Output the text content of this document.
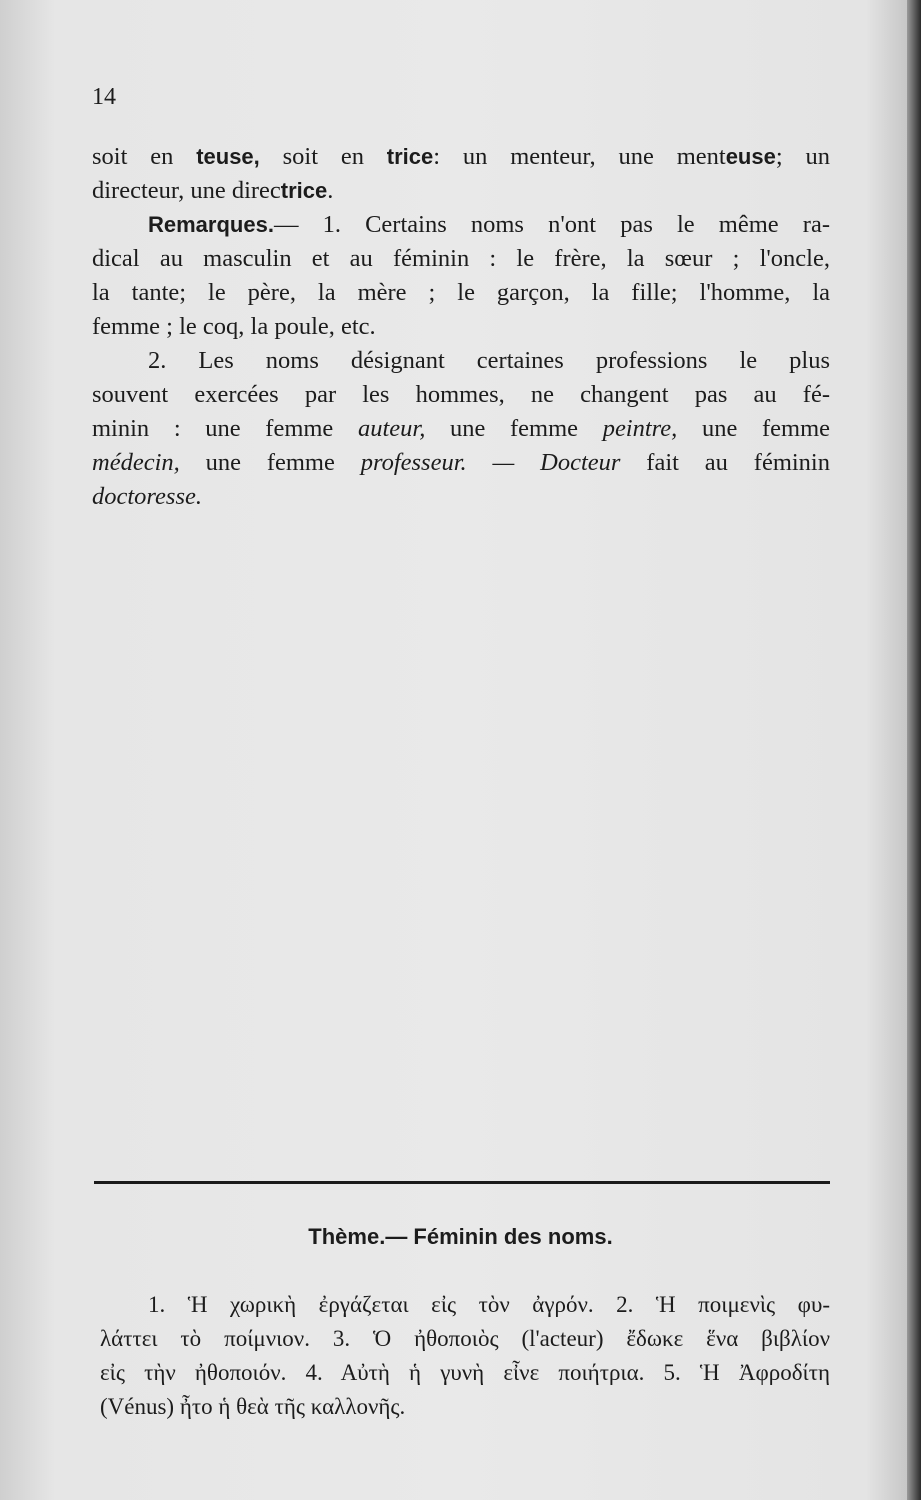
14
soit en teuse, soit en trice: un menteur, une menteuse; un
directeur, une directrice.
Remarques.— 1. Certains noms n'ont pas le même ra-
dical au masculin et au féminin : le frère, la sœur ; l'oncle,
la tante; le père, la mère ; le garçon, la fille; l'homme, la
femme ; le coq, la poule, etc.
2. Les noms désignant certaines professions le plus
souvent exercées par les hommes, ne changent pas au fé-
minin : une femme auteur, une femme peintre, une femme
médecin, une femme professeur. — Docteur fait au féminin
doctoresse.
Thème.— Féminin des noms.
1. Ἡ χωρικὴ ἐργάζεται εἰς τὸν ἀγρόν. 2. Ἡ ποιμενὶς φυ-
λάττει τὸ ποίμνιον. 3. Ὁ ἠθοποιὸς (l'acteur) ἔδωκε ἕνα βιβλίον
εἰς τὴν ἠθοποιόν. 4. Αὐτὴ ἡ γυνὴ εἶνε ποιήτρια. 5. Ἡ Ἀφροδίτη
(Vénus) ἦτο ἡ θεὰ τῆς καλλονῆς.
